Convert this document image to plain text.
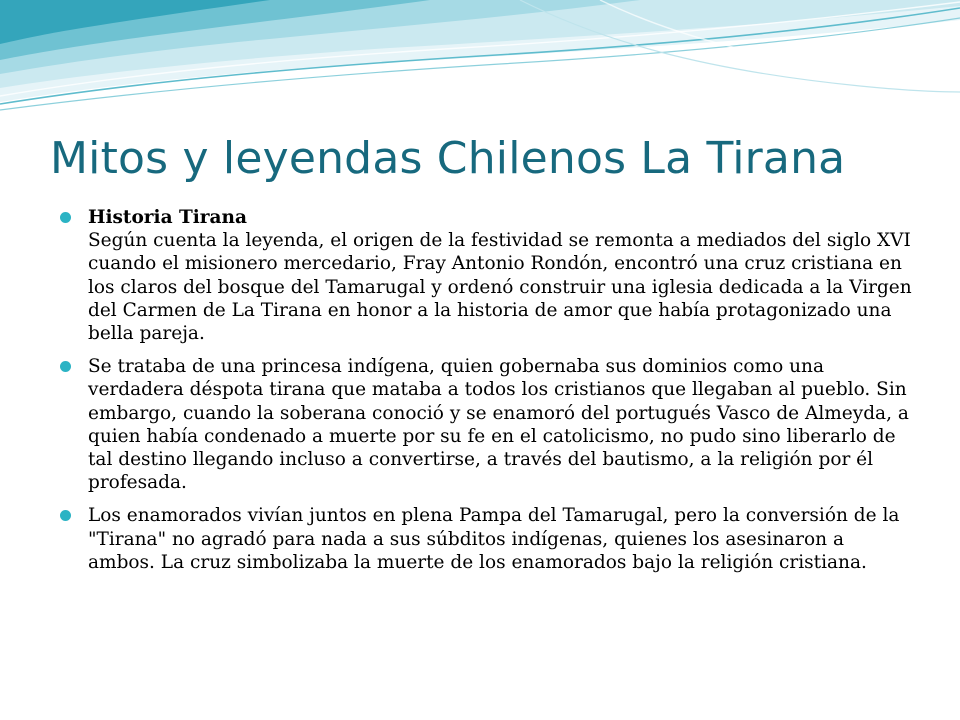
Mitos y leyendas Chilenos La Tirana

Historia Tirana
Según cuenta la leyenda, el origen de la festividad se remonta a mediados del siglo XVI cuando el misionero mercedario, Fray Antonio Rondón, encontró una cruz cristiana en los claros del bosque del Tamarugal y ordenó construir una iglesia dedicada a la Virgen del Carmen de La Tirana en honor a la historia de amor que había protagonizado una bella pareja.

Se trataba de una princesa indígena, quien gobernaba sus dominios como una verdadera déspota tirana que mataba a todos los cristianos que llegaban al pueblo. Sin embargo, cuando la soberana conoció y se enamoró del portugués Vasco de Almeyda, a quien había condenado a muerte por su fe en el catolicismo, no pudo sino liberarlo de tal destino llegando incluso a convertirse, a través del bautismo, a la religión por él profesada.

Los enamorados vivían juntos en plena Pampa del Tamarugal, pero la conversión de la "Tirana" no agradó para nada a sus súbditos indígenas, quienes los asesinaron a ambos. La cruz simbolizaba la muerte de los enamorados bajo la religión cristiana.
